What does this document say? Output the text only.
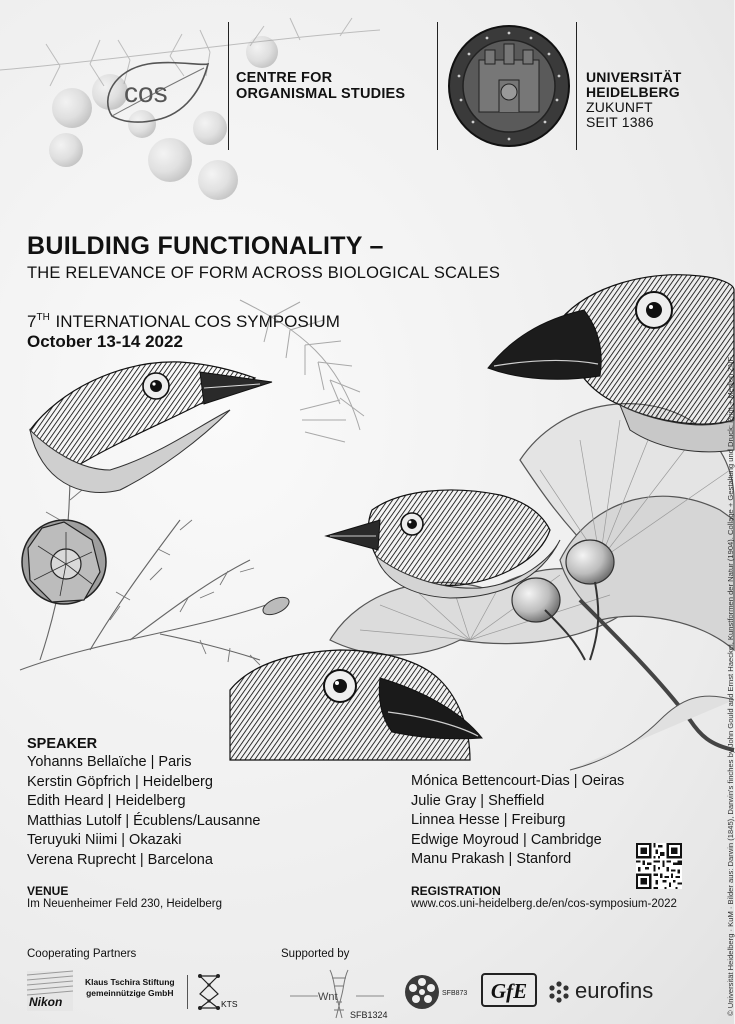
cos	CENTRE FOR
ORGANISMAL STUDIES
UNIVERSITÄT
HEIDELBERG
ZUKUNFT
SEIT 1386
BUILDING FUNCTIONALITY –
THE RELEVANCE OF FORM ACROSS BIOLOGICAL SCALES
7TH INTERNATIONAL COS SYMPOSIUM
October 13-14 2022
SPEAKER
Yohanns Bellaïche | Paris
Kerstin Göpfrich | Heidelberg
Edith Heard | Heidelberg
Matthias Lutolf | Écublens/Lausanne
Teruyuki Niimi | Okazaki
Verena Ruprecht | Barcelona
Mónica Bettencourt-Dias | Oeiras
Julie Gray | Sheffield
Linnea Hesse | Freiburg
Edwige Moyroud | Cambridge
Manu Prakash | Stanford
VENUE
Im Neuenheimer Feld 230, Heidelberg
REGISTRATION
www.cos.uni-heidelberg.de/en/cos-symposium-2022
Cooperating Partners	Supported by
Nikon
Klaus Tschira Stiftung
gemeinnützige GmbH
KTS
Wnt
SFB1324
SFB873	GfE	eurofins	© Universität Heidelberg · KuM · Bilder aus: Darwin (1845), Darwin's finches by John Gould and Ernst Haeckel, Kunstformen der Natur (1904). Collage + Gestaltung und Druck: Print + Medien ZNF
